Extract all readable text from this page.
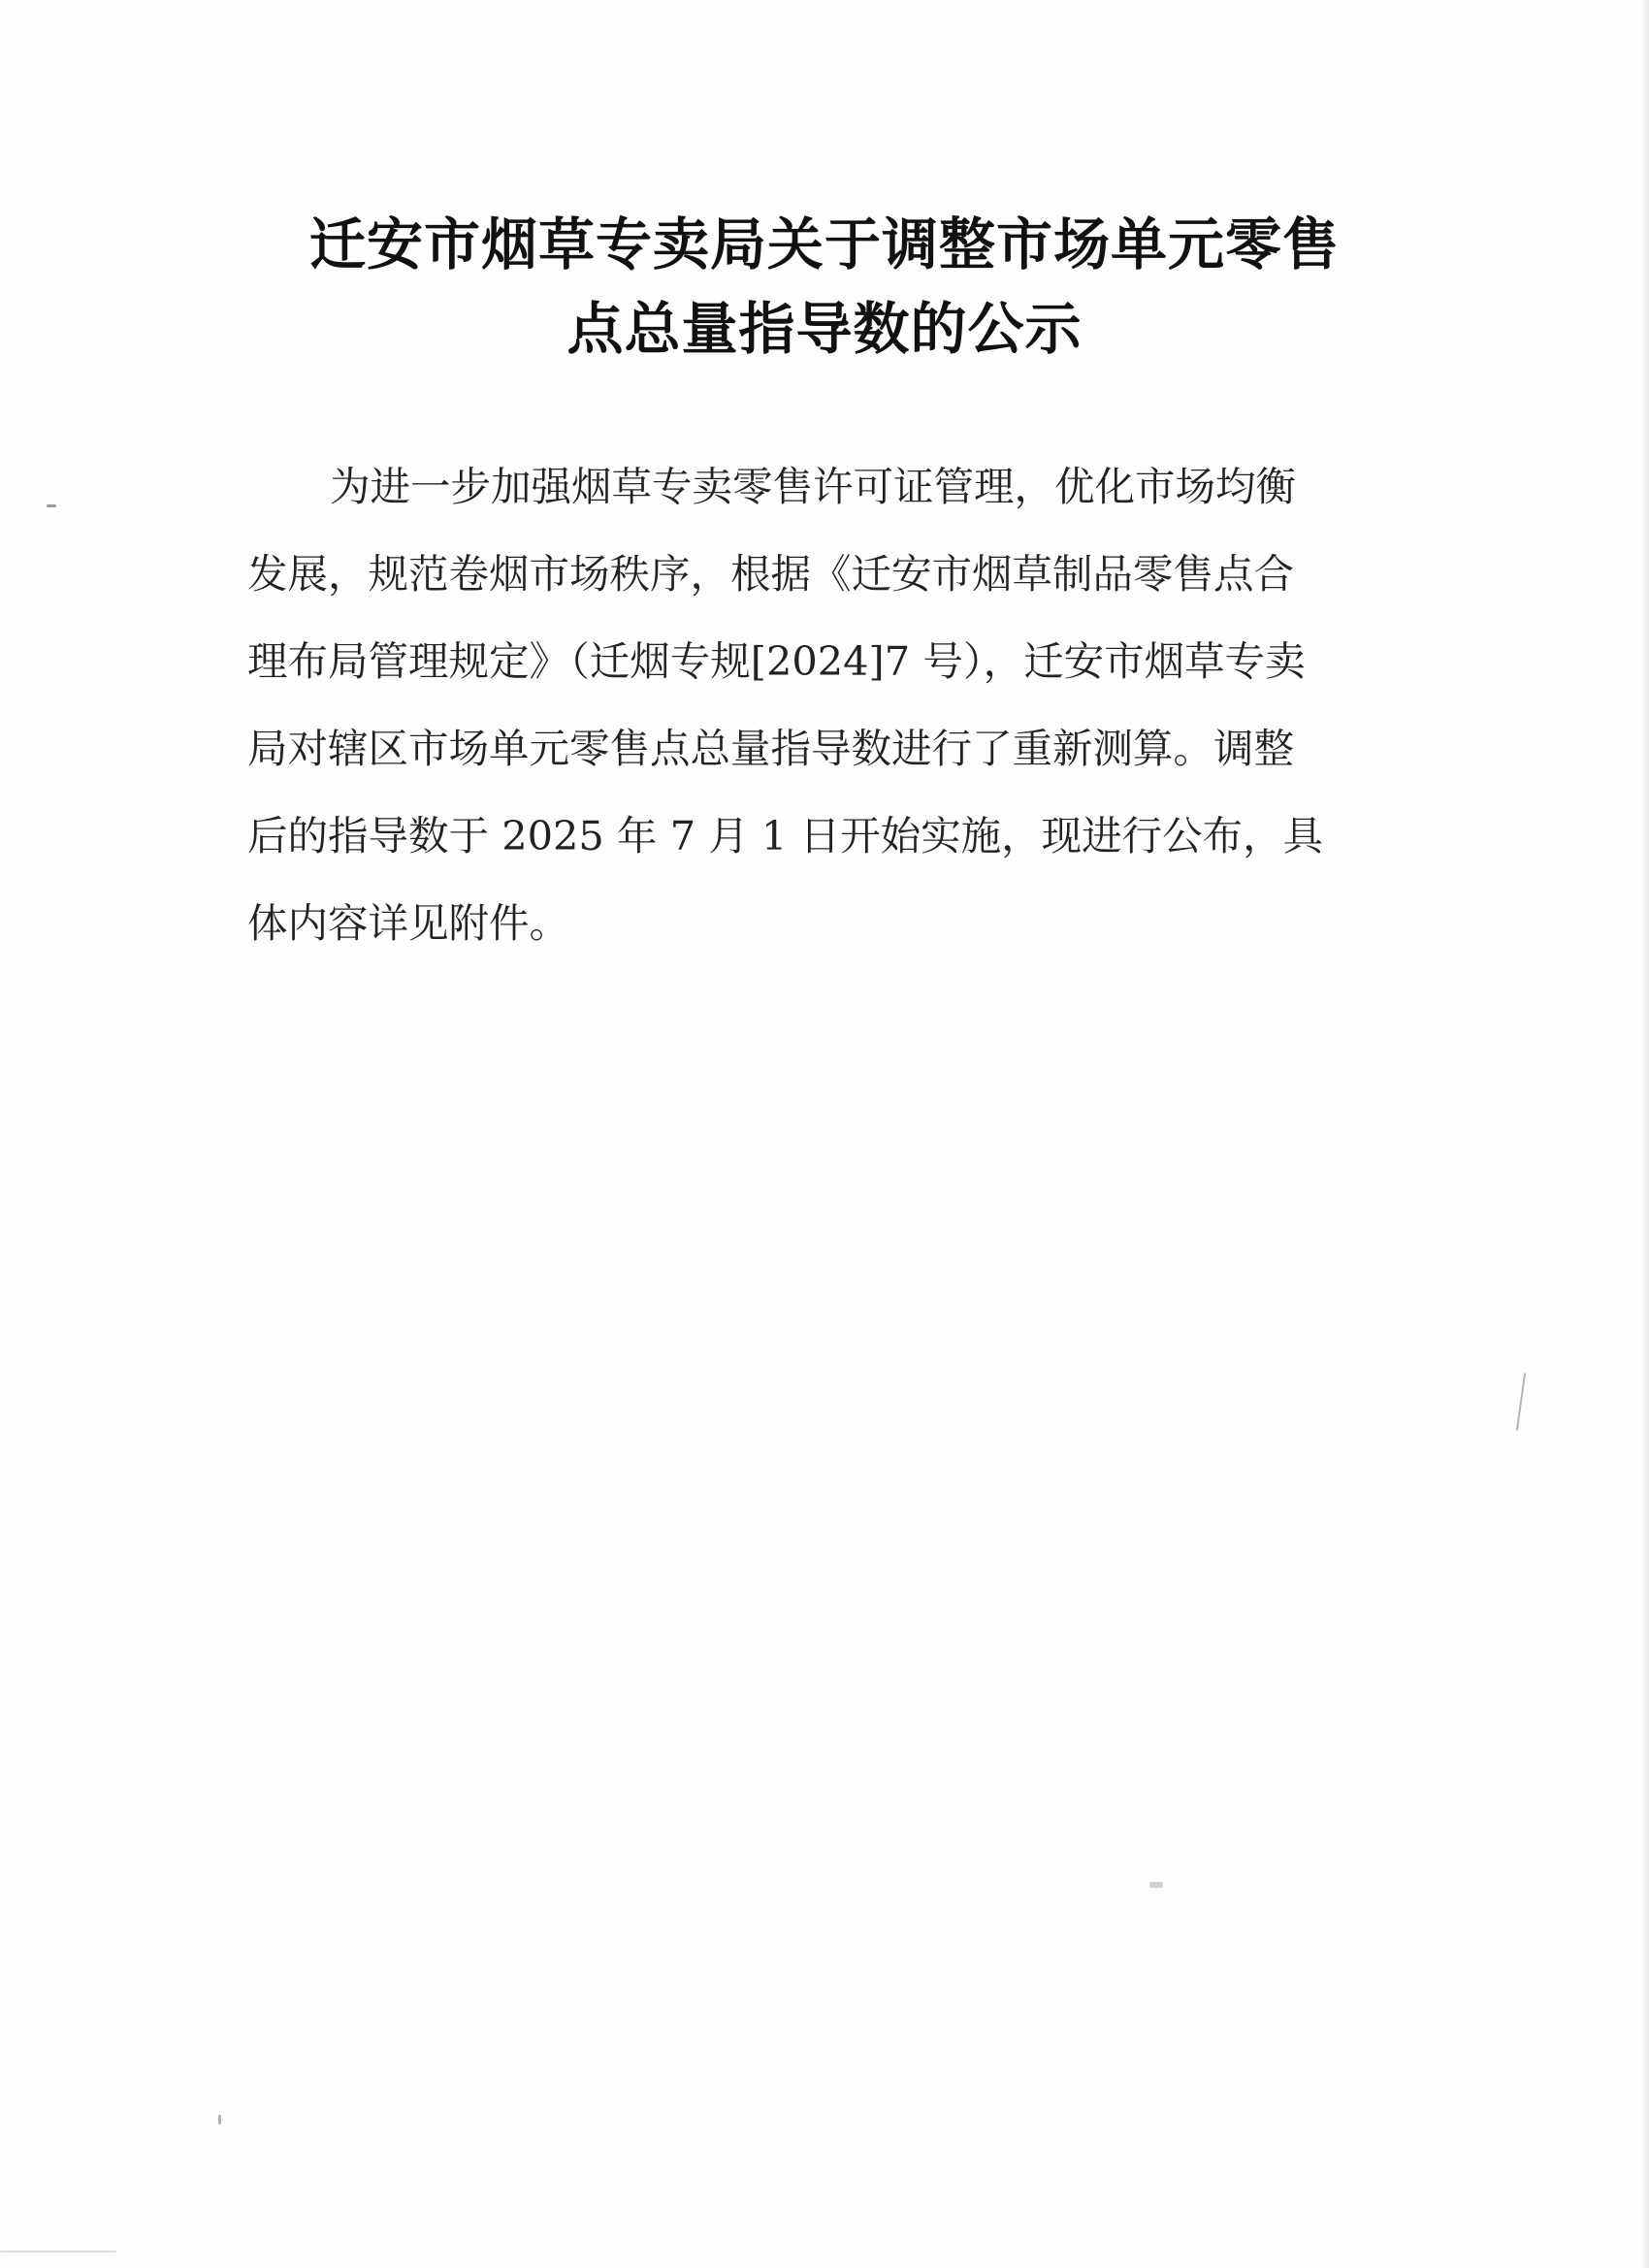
迁安市烟草专卖局关于调整市场单元零售
点总量指导数的公示
为进一步加强烟草专卖零售许可证管理，优化市场均衡
发展，规范卷烟市场秩序，根据《迁安市烟草制品零售点合
理布局管理规定》（迁烟专规[2024]7 号），迁安市烟草专卖
局对辖区市场单元零售点总量指导数进行了重新测算。调整
后的指导数于 2025 年 7 月 1 日开始实施，现进行公布，具
体内容详见附件。
